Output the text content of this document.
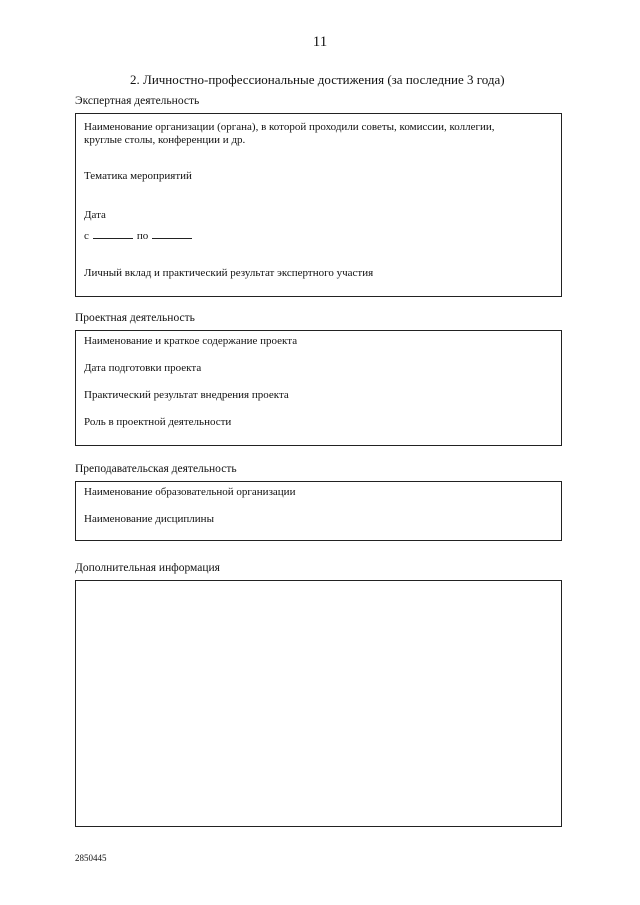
11
2. Личностно-профессиональные достижения (за последние 3 года)
Экспертная деятельность
Наименование организации (органа), в которой проходили советы, комиссии, коллегии,
круглые столы, конференции и др.
Тематика мероприятий
Дата
с	по
Личный вклад и практический результат экспертного участия
Проектная деятельность
Наименование и краткое содержание проекта
Дата подготовки проекта
Практический результат внедрения проекта
Роль в проектной деятельности
Преподавательская деятельность
Наименование образовательной организации
Наименование дисциплины
Дополнительная информация
2850445
